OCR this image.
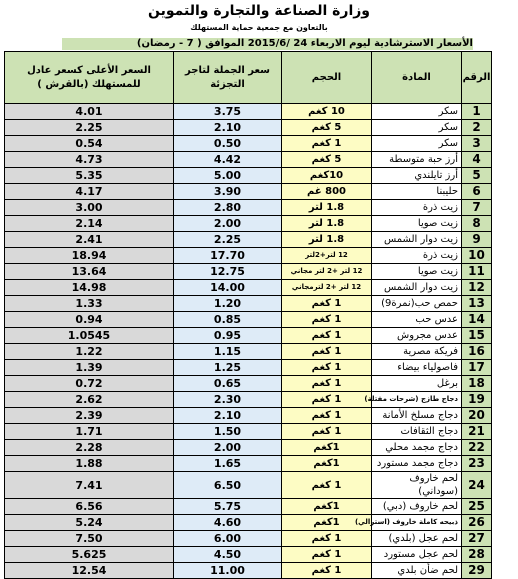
وزارة الصناعة والتجارة والتموين
بالتعاون مع جمعية حماية المستهلك
الأسعار الاسترشادية ليوم الاربعاء 24 /2015/6 الموافق ( 7 - رمضان)
الرقم	المادة	الحجم	سعر الجملة لتاجر التجزئة	السعر الأعلى كسعر عادل للمستهلك (بالقرش )
1	سكر	10 كغم	3.75	4.01
2	سكر	5 كغم	2.10	2.25
3	سكر	1 كغم	0.50	0.54
4	أرز حبة متوسطة	5 كغم	4.42	4.73
5	أرز تايلندي	10كغم	5.00	5.35
6	حليبنا	800 غم	3.90	4.17
7	زيت ذرة	1.8 لتر	2.80	3.00
8	زيت صويا	1.8 لتر	2.00	2.14
9	زيت دوار الشمس	1.8 لتر	2.25	2.41
10	زيت ذرة	12 لتر+2لتر	17.70	18.94
11	زيت صويا	12 لتر +2 لتر مجاني	12.75	13.64
12	زيت دوار الشمس	12 لتر +2 لترمجاني	14.00	14.98
13	حمص حب(نمرة9)	1 كغم	1.20	1.33
14	عدس حب	1 كغم	0.85	0.94
15	عدس مجروش	1 كغم	0.95	1.0545
16	فريكة مصرية	1 كغم	1.15	1.22
17	فاصولياء بيضاء	1 كغم	1.25	1.39
18	برغل	1 كغم	0.65	0.72
19	دجاج طازج (شرحات مفتلة)	1 كغم	2.30	2.62
20	دجاج مسلخ الأمانة	1 كغم	2.10	2.39
21	دجاج الثقافات	1 كغم	1.50	1.71
22	دجاج مجمد محلي	1كغم	2.00	2.28
23	دجاج مجمد مستورد	1كغم	1.65	1.88
24	لحم خاروف (سوداني)	1 كغم	6.50	7.41
25	لحم خاروف (دبي)	1كغم	5.75	6.56
26	ذبيحه كاملة خاروف (استرالي)	1كغم	4.60	5.24
27	لحم عجل (بلدي)	1 كغم	6.00	7.50
28	لحم عجل مستورد	1 كغم	4.50	5.625
29	لحم ضأن بلدي	1 كغم	11.00	12.54
